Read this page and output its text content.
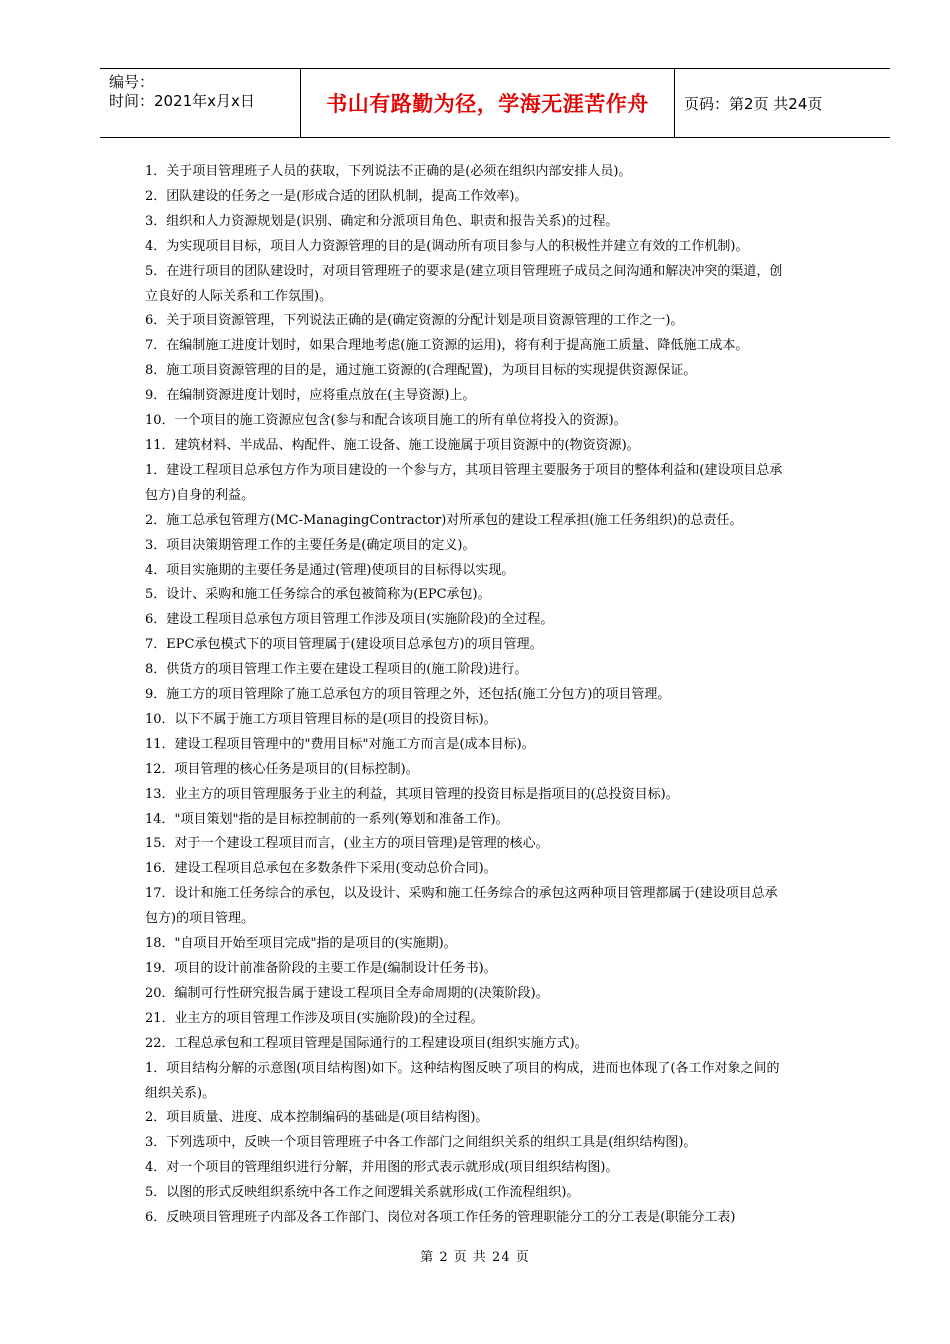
编号：
时间：2021年x月x日	书山有路勤为径，学海无涯苦作舟 页码：第2页 共24页
1．关于项目管理班子人员的获取，下列说法不正确的是(必须在组织内部安排人员)。
2．团队建设的任务之一是(形成合适的团队机制，提高工作效率)。
3．组织和人力资源规划是(识别、确定和分派项目角色、职责和报告关系)的过程。
4．为实现项目目标，项目人力资源管理的目的是(调动所有项目参与人的积极性并建立有效的工作机制)。
5．在进行项目的团队建设时，对项目管理班子的要求是(建立项目管理班子成员之间沟通和解决冲突的渠道，创
立良好的人际关系和工作氛围)。
6．关于项目资源管理，下列说法正确的是(确定资源的分配计划是项目资源管理的工作之一)。
7．在编制施工进度计划时，如果合理地考虑(施工资源的运用)，将有利于提高施工质量、降低施工成本。
8．施工项目资源管理的目的是，通过施工资源的(合理配置)，为项目目标的实现提供资源保证。
9．在编制资源进度计划时，应将重点放在(主导资源)上。
10．一个项目的施工资源应包含(参与和配合该项目施工的所有单位将投入的资源)。
11．建筑材料、半成品、构配件、施工设备、施工设施属于项目资源中的(物资资源)。
1．建设工程项目总承包方作为项目建设的一个参与方，其项目管理主要服务于项目的整体利益和(建设项目总承
包方)自身的利益。
2．施工总承包管理方(MC-ManagingContractor)对所承包的建设工程承担(施工任务组织)的总责任。
3．项目决策期管理工作的主要任务是(确定项目的定义)。
4．项目实施期的主要任务是通过(管理)使项目的目标得以实现。
5．设计、采购和施工任务综合的承包被简称为(EPC承包)。
6．建设工程项目总承包方项目管理工作涉及项目(实施阶段)的全过程。
7．EPC承包模式下的项目管理属于(建设项目总承包方)的项目管理。
8．供货方的项目管理工作主要在建设工程项目的(施工阶段)进行。
9．施工方的项目管理除了施工总承包方的项目管理之外，还包括(施工分包方)的项目管理。
10．以下不属于施工方项目管理目标的是(项目的投资目标)。
11．建设工程项目管理中的"费用目标"对施工方而言是(成本目标)。
12．项目管理的核心任务是项目的(目标控制)。
13．业主方的项目管理服务于业主的利益，其项目管理的投资目标是指项目的(总投资目标)。
14．"项目策划"指的是目标控制前的一系列(筹划和准备工作)。
15．对于一个建设工程项目而言，(业主方的项目管理)是管理的核心。
16．建设工程项目总承包在多数条件下采用(变动总价合同)。
17．设计和施工任务综合的承包，以及设计、采购和施工任务综合的承包这两种项目管理都属于(建设项目总承
包方)的项目管理。
18．"自项目开始至项目完成"指的是项目的(实施期)。
19．项目的设计前准备阶段的主要工作是(编制设计任务书)。
20．编制可行性研究报告属于建设工程项目全寿命周期的(决策阶段)。
21．业主方的项目管理工作涉及项目(实施阶段)的全过程。
22．工程总承包和工程项目管理是国际通行的工程建设项目(组织实施方式)。
1．项目结构分解的示意图(项目结构图)如下。这种结构图反映了项目的构成，进而也体现了(各工作对象之间的
组织关系)。
2．项目质量、进度、成本控制编码的基础是(项目结构图)。
3．下列选项中，反映一个项目管理班子中各工作部门之间组织关系的组织工具是(组织结构图)。
4．对一个项目的管理组织进行分解，并用图的形式表示就形成(项目组织结构图)。
5．以图的形式反映组织系统中各工作之间逻辑关系就形成(工作流程组织)。
6．反映项目管理班子内部及各工作部门、岗位对各项工作任务的管理职能分工的分工表是(职能分工表)
第 2 页 共 24 页
